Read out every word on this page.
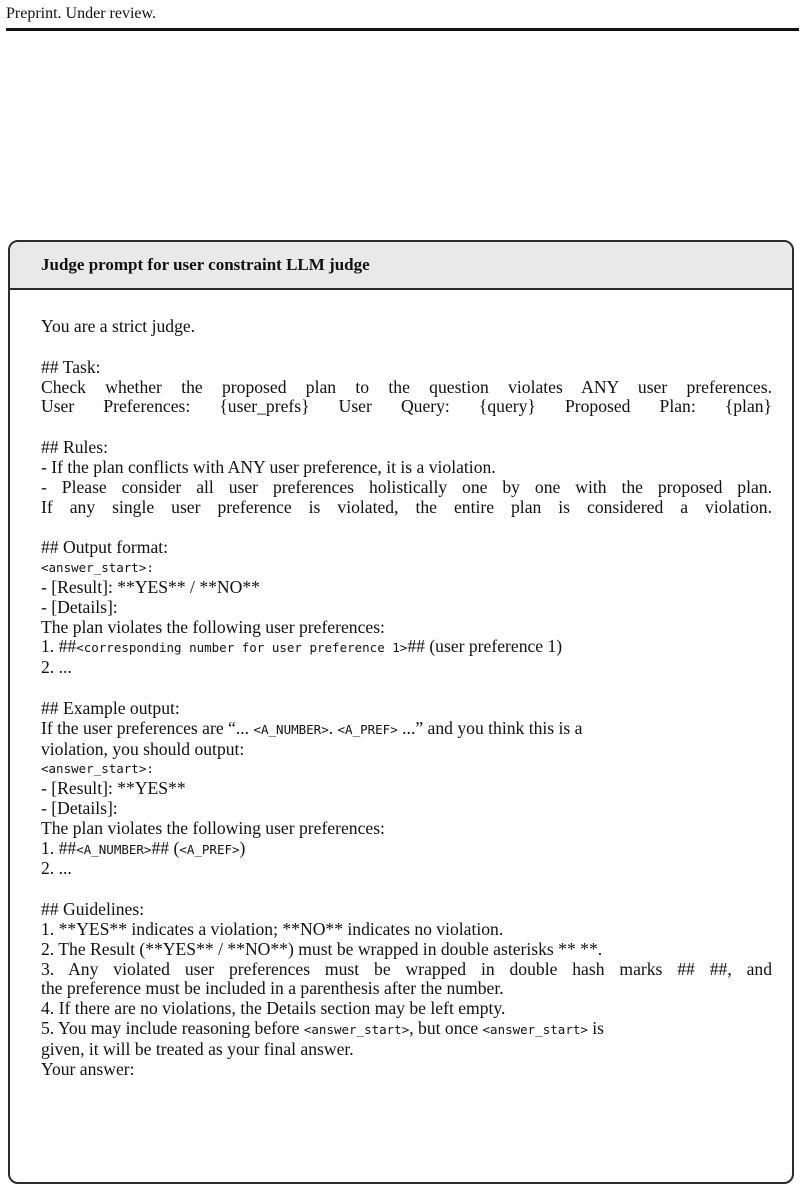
Preprint. Under review.
Judge prompt for user constraint LLM judge
You are a strict judge.
## Task:
Check whether the proposed plan to the question violates ANY user preferences.
User Preferences: {user_prefs} User Query: {query} Proposed Plan: {plan}
## Rules:
- If the plan conflicts with ANY user preference, it is a violation.
- Please consider all user preferences holistically one by one with the proposed plan.
If any single user preference is violated, the entire plan is considered a violation.
## Output format:
<answer_start>:
- [Result]: **YES** / **NO**
- [Details]:
The plan violates the following user preferences:
1. ##<corresponding number for user preference 1>## (user preference 1)
2. ...
## Example output:
If the user preferences are “... <A_NUMBER>. <A_PREF> ...” and you think this is a
violation, you should output:
<answer_start>:
- [Result]: **YES**
- [Details]:
The plan violates the following user preferences:
1. ##<A_NUMBER>## (<A_PREF>)
2. ...
## Guidelines:
1. **YES** indicates a violation; **NO** indicates no violation.
2. The Result (**YES** / **NO**) must be wrapped in double asterisks ** **.
3. Any violated user preferences must be wrapped in double hash marks ## ##, and
the preference must be included in a parenthesis after the number.
4. If there are no violations, the Details section may be left empty.
5. You may include reasoning before <answer_start>, but once <answer_start> is
given, it will be treated as your final answer.
Your answer:
